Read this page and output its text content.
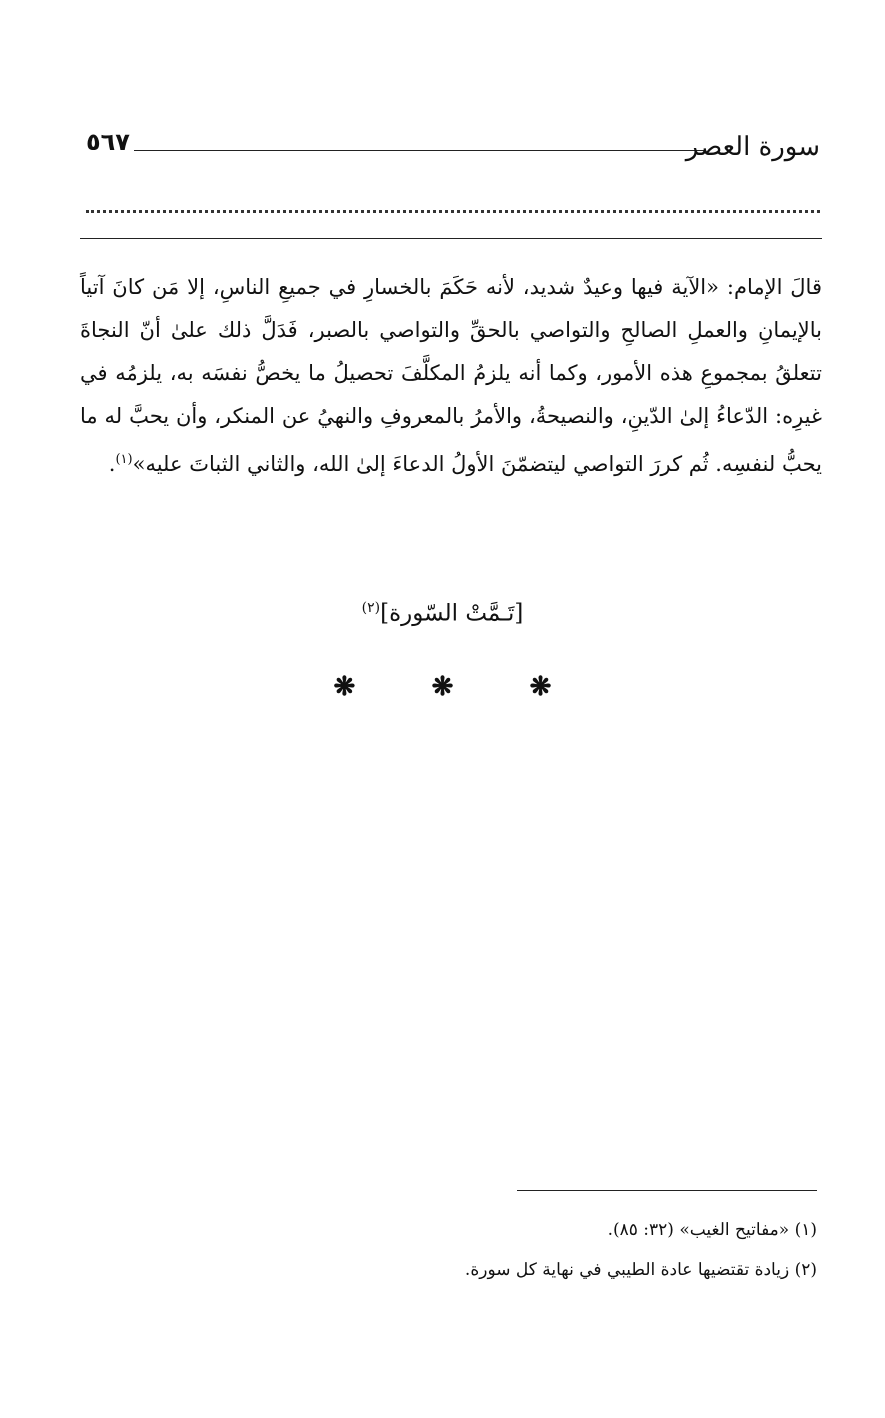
٥٦٧	سورة العصر

قالَ الإمام: «الآية فيها وعيدٌ شديد، لأنه حَكَمَ بالخسارِ في جميعِ الناسِ، إلا مَن كانَ آتياً بالإيمانِ والعملِ الصالحِ والتواصي بالحقِّ والتواصي بالصبر، فَدَلَّ ذلك علىٰ أنّ النجاةَ تتعلقُ بمجموعِ هذه الأمور، وكما أنه يلزمُ المكلَّفَ تحصيلُ ما يخصُّ نفسَه به، يلزمُه في غيرِه: الدّعاءُ إلىٰ الدّينِ، والنصيحةُ، والأمرُ بالمعروفِ والنهيُ عن المنكر، وأن يحبَّ له ما يحبُّ لنفسِه. ثُم كررَ التواصي ليتضمّنَ الأولُ الدعاءَ إلىٰ الله، والثاني الثباتَ عليه»$^{(١)}$.

[تَـمَّتْ السّورة]$^{(٢)}$
❋	❋	❋
(١) «مفاتيح الغيب» (٣٢: ٨٥).
(٢) زيادة تقتضيها عادة الطيبي في نهاية كل سورة.
